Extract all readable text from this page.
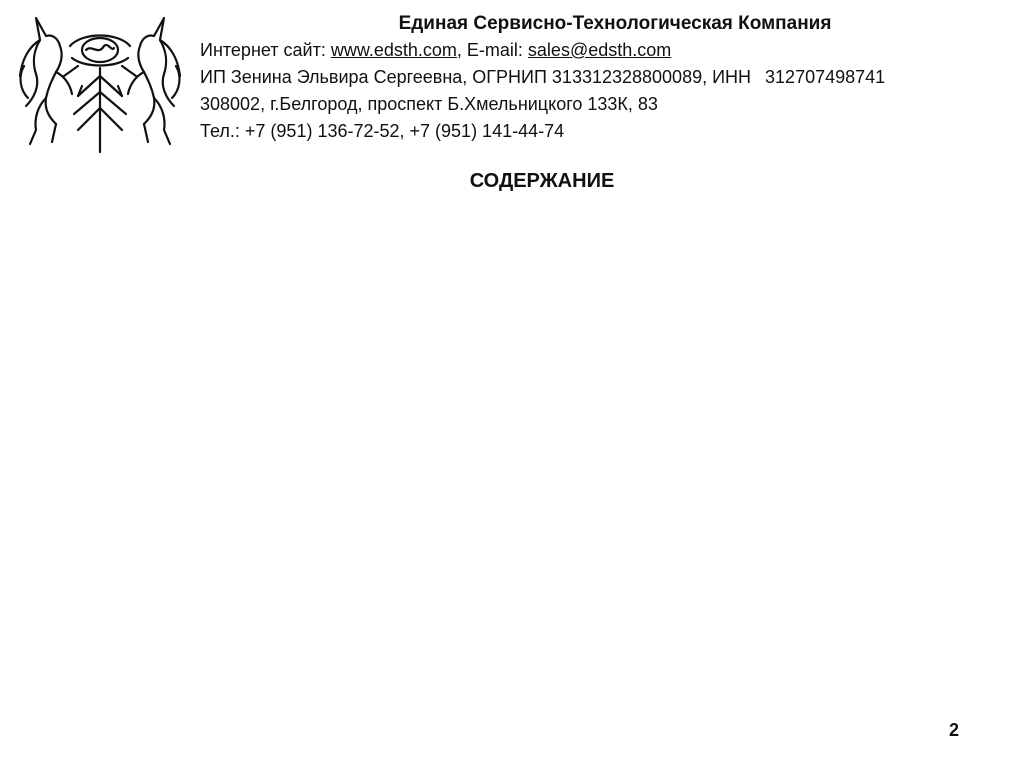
Единая Сервисно-Технологическая Компания
Интернет сайт: www.edsth.com, E-mail: sales@edsth.com
ИП Зенина Эльвира Сергеевна, ОГРНИП 313312328800089, ИНН 312707498741
308002, г.Белгород, проспект Б.Хмельницкого 133К, 83
Тел.: +7 (951) 136-72-52, +7 (951) 141-44-74
СОДЕРЖАНИЕ
2
